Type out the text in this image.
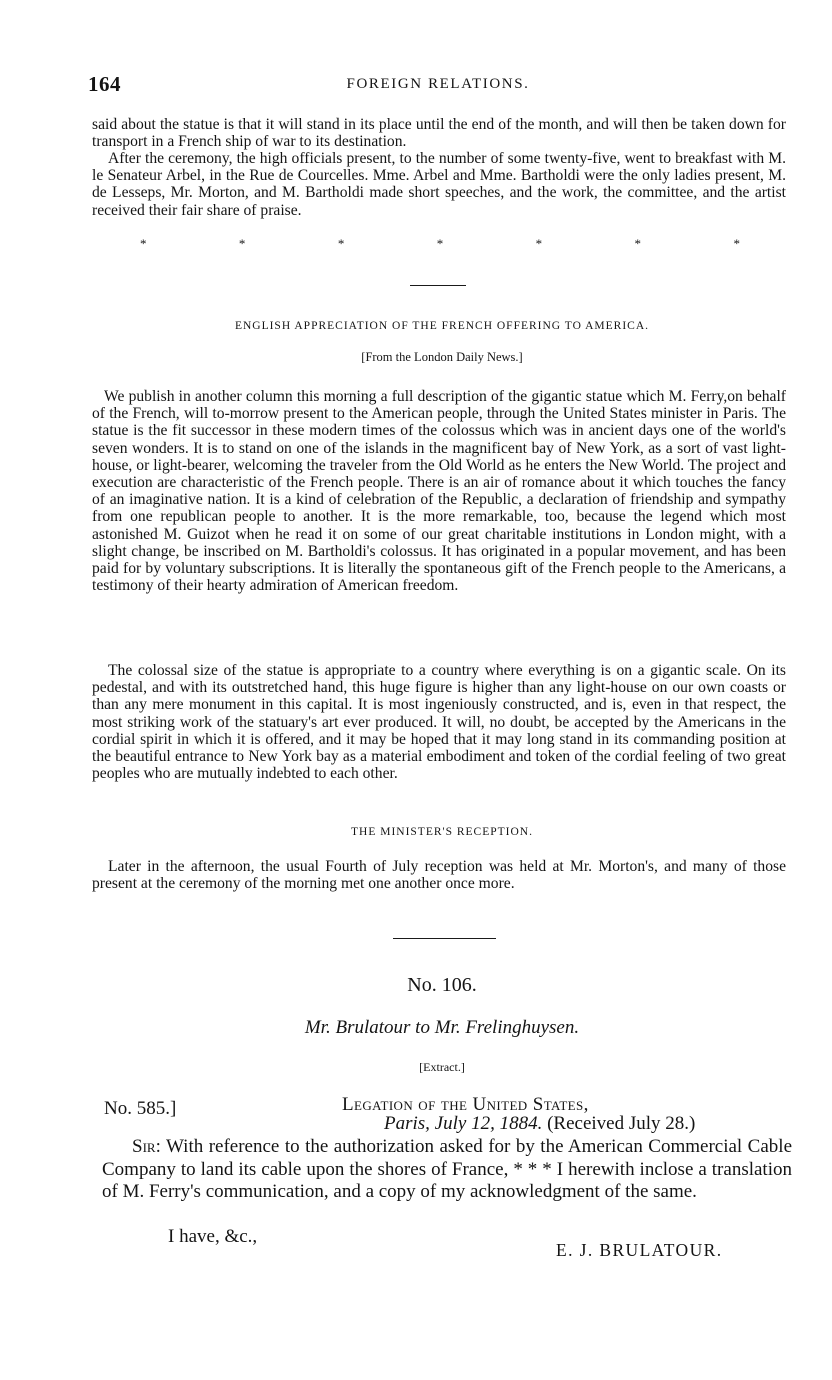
164	FOREIGN RELATIONS.

said about the statue is that it will stand in its place until the end of the month, and will then be taken down for transport in a French ship of war to its destination.

After the ceremony, the high officials present, to the number of some twenty-five, went to breakfast with M. le Senateur Arbel, in the Rue de Courcelles. Mme. Arbel and Mme. Bartholdi were the only ladies present, M. de Lesseps, Mr. Morton, and M. Bartholdi made short speeches, and the work, the committee, and the artist received their fair share of praise.

*	*	*	*	*	*	*
ENGLISH APPRECIATION OF THE FRENCH OFFERING TO AMERICA.
[From the London Daily News.]

We publish in another column this morning a full description of the gigantic statue which M. Ferry,on behalf of the French, will to-morrow present to the American people, through the United States minister in Paris. The statue is the fit successor in these modern times of the colossus which was in ancient days one of the world's seven wonders. It is to stand on one of the islands in the magnificent bay of New York, as a sort of vast light-house, or light-bearer, welcoming the traveler from the Old World as he enters the New World. The project and execution are characteristic of the French people. There is an air of romance about it which touches the fancy of an imaginative nation. It is a kind of celebration of the Republic, a declaration of friendship and sympathy from one republican people to another. It is the more remarkable, too, because the legend which most astonished M. Guizot when he read it on some of our great charitable institutions in London might, with a slight change, be inscribed on M. Bartholdi's colossus. It has originated in a popular movement, and has been paid for by voluntary subscriptions. It is literally the spontaneous gift of the French people to the Americans, a testimony of their hearty admiration of American freedom.

The colossal size of the statue is appropriate to a country where everything is on a gigantic scale. On its pedestal, and with its outstretched hand, this huge figure is higher than any light-house on our own coasts or than any mere monument in this capital. It is most ingeniously constructed, and is, even in that respect, the most striking work of the statuary's art ever produced. It will, no doubt, be accepted by the Americans in the cordial spirit in which it is offered, and it may be hoped that it may long stand in its commanding position at the beautiful entrance to New York bay as a material embodiment and token of the cordial feeling of two great peoples who are mutually indebted to each other.

THE MINISTER'S RECEPTION.

Later in the afternoon, the usual Fourth of July reception was held at Mr. Morton's, and many of those present at the ceremony of the morning met one another once more.

No. 106.
Mr. Brulatour to Mr. Frelinghuysen.
[Extract.]
No. 585.]	Legation of the United States,
Paris, July 12, 1884. (Received July 28.)

Sir: With reference to the authorization asked for by the American Commercial Cable Company to land its cable upon the shores of France, * * * I herewith inclose a translation of M. Ferry's communication, and a copy of my acknowledgment of the same.

I have, &c.,
E. J. BRULATOUR.
